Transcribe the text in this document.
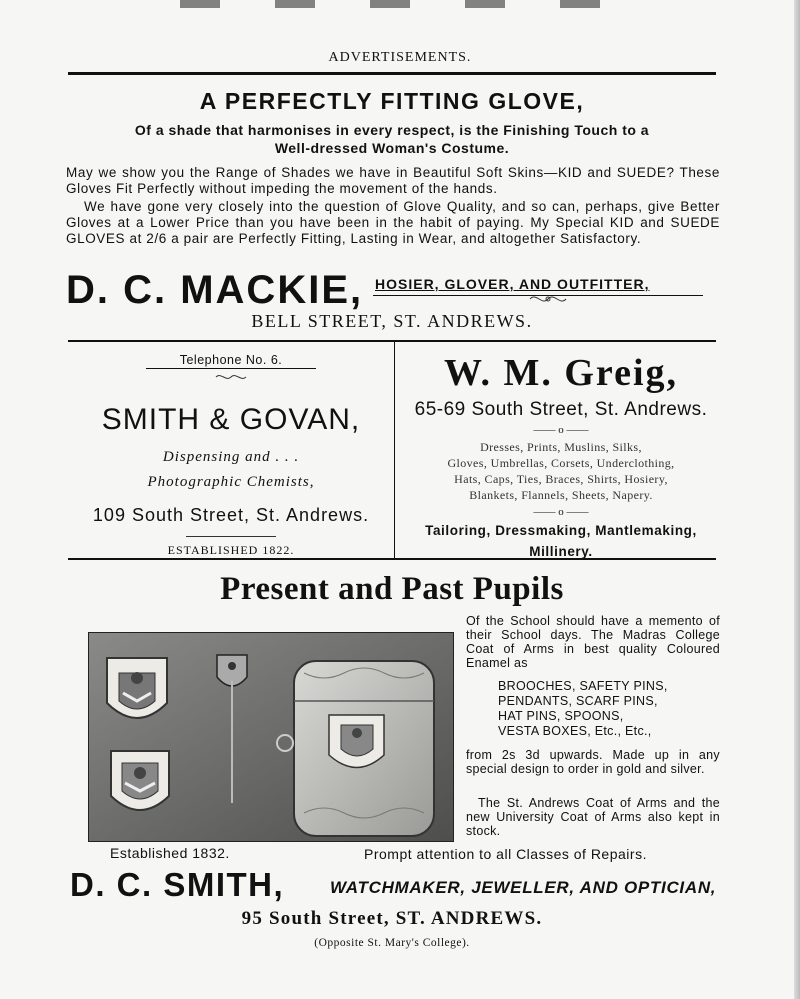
ADVERTISEMENTS.
A PERFECTLY FITTING GLOVE,
Of a shade that harmonises in every respect, is the Finishing Touch to a
Well-dressed Woman's Costume.
May we show you the Range of Shades we have in Beautiful Soft Skins—KID and SUEDE? These Gloves Fit Perfectly without impeding the movement of the hands.
We have gone very closely into the question of Glove Quality, and so can, perhaps, give Better Gloves at a Lower Price than you have been in the habit of paying. My Special KID and SUEDE GLOVES at 2/6 a pair are Perfectly Fitting, Lasting in Wear, and altogether Satisfactory.
D. C. MACKIE, HOSIER, GLOVER, AND OUTFITTER,
BELL STREET, ST. ANDREWS.
Telephone No. 6.
SMITH & GOVAN,
Dispensing and . . .
Photographic Chemists,
109 South Street, St. Andrews.
ESTABLISHED 1822.
W. M. Greig,
65-69 South Street, St. Andrews.
—— o ——
Dresses, Prints, Muslins, Silks,
Gloves, Umbrellas, Corsets, Underclothing,
Hats, Caps, Ties, Braces, Shirts, Hosiery,
Blankets, Flannels, Sheets, Napery.
—— o ——
Tailoring, Dressmaking, Mantlemaking,
Millinery.
Present and Past Pupils
Of the School should have a memento of their School days. The Madras College Coat of Arms in best quality Coloured Enamel as
BROOCHES, SAFETY PINS,
PENDANTS, SCARF PINS,
HAT PINS, SPOONS,
VESTA BOXES, Etc., Etc.,
from 2s 3d upwards. Made up in any special design to order in gold and silver.
The St. Andrews Coat of Arms and the new University Coat of Arms also kept in stock.
Established 1832.	Prompt attention to all Classes of Repairs.
D. C. SMITH,	WATCHMAKER, JEWELLER, AND OPTICIAN,
95 South Street, ST. ANDREWS.
(Opposite St. Mary's College).
